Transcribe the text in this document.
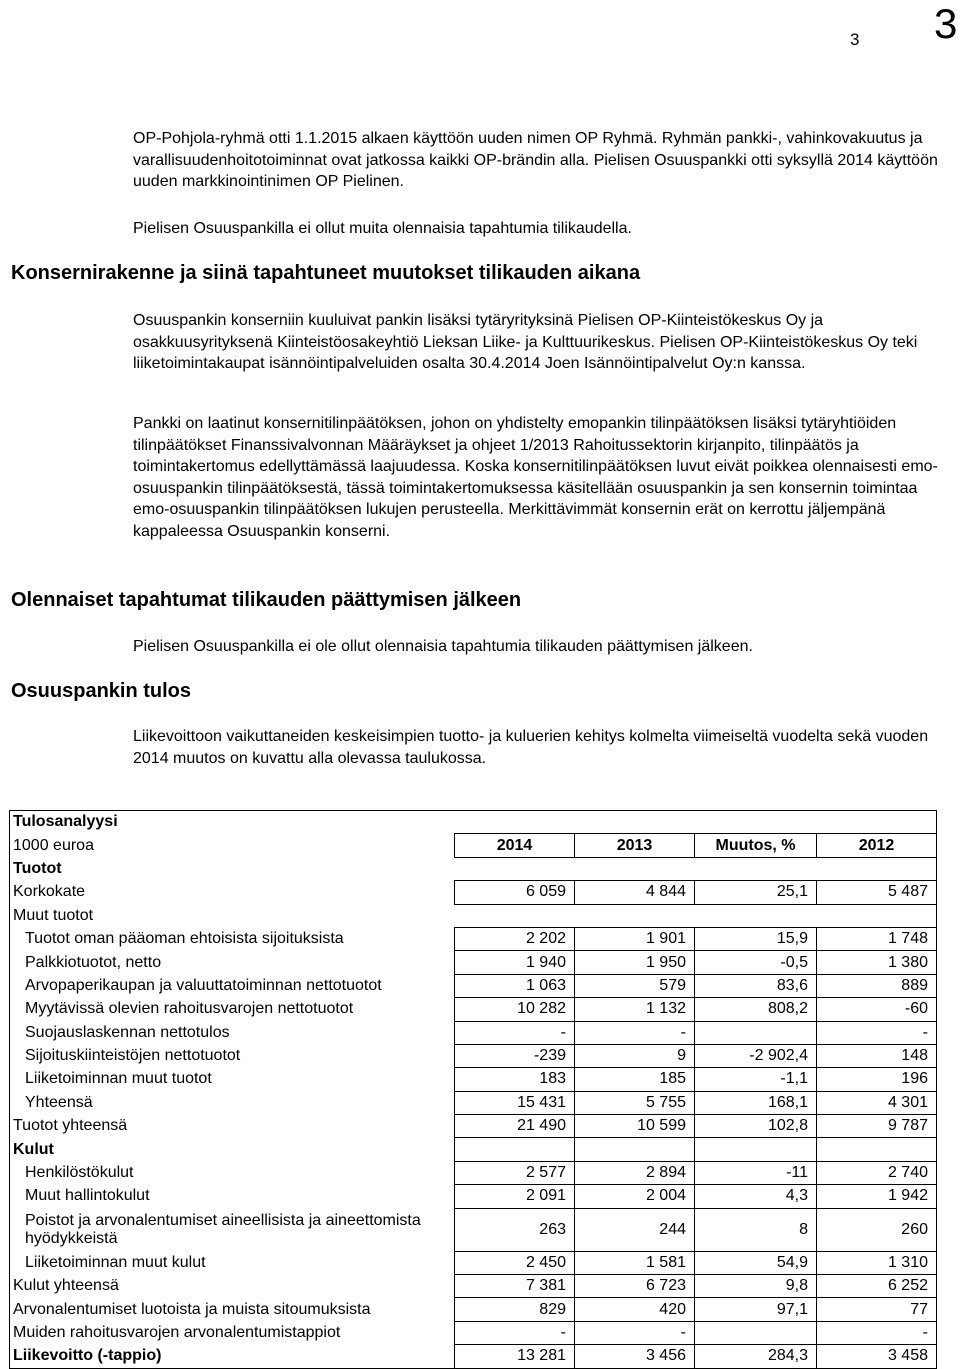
3 3
OP-Pohjola-ryhmä otti 1.1.2015 alkaen käyttöön uuden nimen OP Ryhmä. Ryhmän pankki-, vahinkovakuutus ja varallisuudenhoitotoiminnat ovat jatkossa kaikki OP-brändin alla. Pielisen Osuuspankki otti syksyllä 2014 käyttöön uuden markkinointinimen OP Pielinen.
Pielisen Osuuspankilla ei ollut muita olennaisia tapahtumia tilikaudella.
Konsernirakenne ja siinä tapahtuneet muutokset tilikauden aikana
Osuuspankin konserniin kuuluivat pankin lisäksi tytäryrityksinä Pielisen OP-Kiinteistökeskus Oy ja osakkuusyrityksenä Kiinteistöosakeyhtiö Lieksan Liike- ja Kulttuurikeskus. Pielisen OP-Kiinteistökeskus Oy teki liiketoimintakaupat isännöintipalveluiden osalta 30.4.2014 Joen Isännöintipalvelut Oy:n kanssa.
Pankki on laatinut konsernitilinpäätöksen, johon on yhdistelty emopankin tilinpäätöksen lisäksi tytäryhtiöiden tilinpäätökset Finanssivalvonnan Määräykset ja ohjeet 1/2013 Rahoitussektorin kirjanpito, tilinpäätös ja toimintakertomus edellyttämässä laajuudessa. Koska konsernitilinpäätöksen luvut eivät poikkea olennaisesti emo-osuuspankin tilinpäätöksestä, tässä toimintakertomuksessa käsitellään osuuspankin ja sen konsernin toimintaa emo-osuuspankin tilinpäätöksen lukujen perusteella. Merkittävimmät konsernin erät on kerrottu jäljempänä kappaleessa Osuuspankin konserni.
Olennaiset tapahtumat tilikauden päättymisen jälkeen
Pielisen Osuuspankilla ei ole ollut olennaisia tapahtumia tilikauden päättymisen jälkeen.
Osuuspankin tulos
Liikevoittoon vaikuttaneiden keskeisimpien tuotto- ja kuluerien kehitys kolmelta viimeiseltä vuodelta sekä vuoden 2014 muutos on kuvattu alla olevassa taulukossa.
Tulosanalyysi				
1000 euroa	2014	2013	Muutos, %	2012
Tuotot				
Korkokate	6 059	4 844	25,1	5 487
Muut tuotot				
Tuotot oman pääoman ehtoisista sijoituksista	2 202	1 901	15,9	1 748
Palkkiotuotot, netto	1 940	1 950	-0,5	1 380
Arvopaperikaupan ja valuuttatoiminnan nettotuotot	1 063	579	83,6	889
Myytävissä olevien rahoitusvarojen nettotuotot	10 282	1 132	808,2	-60
Suojauslaskennan nettotulos	-	-		-
Sijoituskiinteistöjen nettotuotot	-239	9	-2 902,4	148
Liiketoiminnan muut tuotot	183	185	-1,1	196
Yhteensä	15 431	5 755	168,1	4 301
Tuotot yhteensä	21 490	10 599	102,8	9 787
Kulut				
Henkilöstökulut	2 577	2 894	-11	2 740
Muut hallintokulut	2 091	2 004	4,3	1 942
Poistot ja arvonalentumiset aineellisista ja aineettomista hyödykkeistä	263	244	8	260
Liiketoiminnan muut kulut	2 450	1 581	54,9	1 310
Kulut yhteensä	7 381	6 723	9,8	6 252
Arvonalentumiset luotoista ja muista sitoumuksista	829	420	97,1	77
Muiden rahoitusvarojen arvonalentumistappiot	-	-		-
Liikevoitto (-tappio)	13 281	3 456	284,3	3 458
